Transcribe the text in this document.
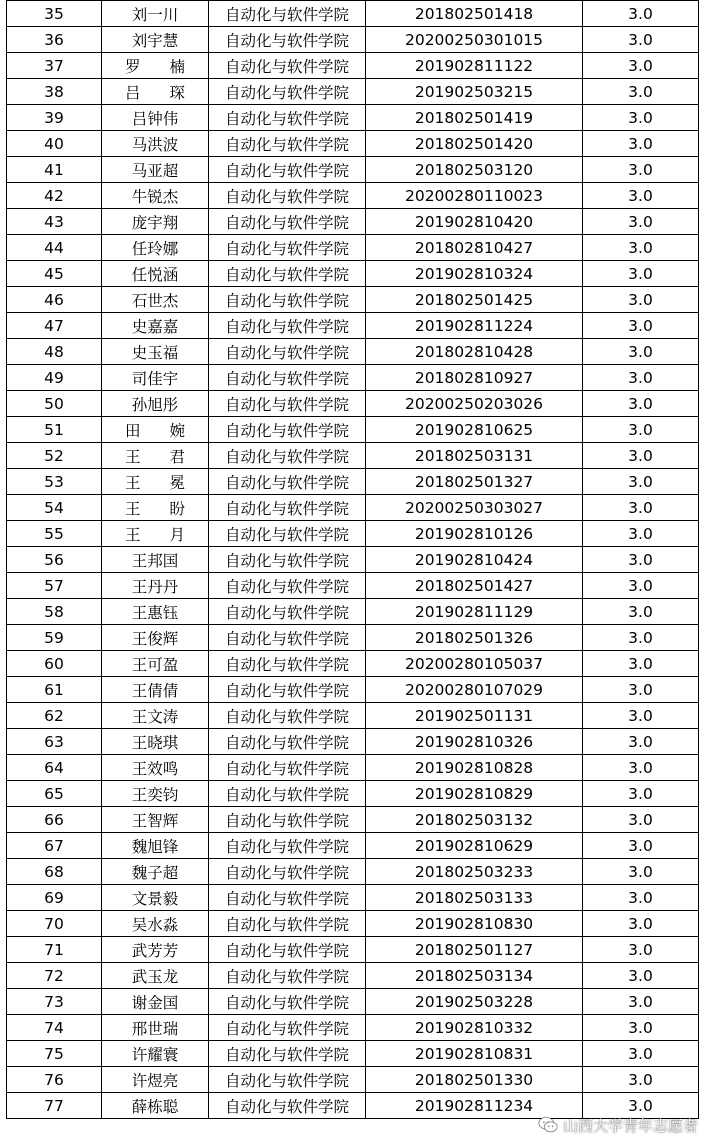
35	刘一川	自动化与软件学院	201802501418	3.0
36	刘宇慧	自动化与软件学院	20200250301015	3.0
37	罗 楠	自动化与软件学院	201902811122	3.0
38	吕 琛	自动化与软件学院	201902503215	3.0
39	吕钟伟	自动化与软件学院	201802501419	3.0
40	马洪波	自动化与软件学院	201802501420	3.0
41	马亚超	自动化与软件学院	201802503120	3.0
42	牛锐杰	自动化与软件学院	20200280110023	3.0
43	庞宇翔	自动化与软件学院	201902810420	3.0
44	任玲娜	自动化与软件学院	201802810427	3.0
45	任悦涵	自动化与软件学院	201902810324	3.0
46	石世杰	自动化与软件学院	201802501425	3.0
47	史嘉嘉	自动化与软件学院	201902811224	3.0
48	史玉福	自动化与软件学院	201802810428	3.0
49	司佳宇	自动化与软件学院	201802810927	3.0
50	孙旭彤	自动化与软件学院	20200250203026	3.0
51	田 婉	自动化与软件学院	201902810625	3.0
52	王 君	自动化与软件学院	201802503131	3.0
53	王 冕	自动化与软件学院	201802501327	3.0
54	王 盼	自动化与软件学院	20200250303027	3.0
55	王 月	自动化与软件学院	201902810126	3.0
56	王邦国	自动化与软件学院	201902810424	3.0
57	王丹丹	自动化与软件学院	201802501427	3.0
58	王惠钰	自动化与软件学院	201902811129	3.0
59	王俊辉	自动化与软件学院	201802501326	3.0
60	王可盈	自动化与软件学院	20200280105037	3.0
61	王倩倩	自动化与软件学院	20200280107029	3.0
62	王文涛	自动化与软件学院	201902501131	3.0
63	王晓琪	自动化与软件学院	201902810326	3.0
64	王效鸣	自动化与软件学院	201902810828	3.0
65	王奕钧	自动化与软件学院	201902810829	3.0
66	王智辉	自动化与软件学院	201802503132	3.0
67	魏旭锋	自动化与软件学院	201902810629	3.0
68	魏子超	自动化与软件学院	201802503233	3.0
69	文景毅	自动化与软件学院	201802503133	3.0
70	吴水淼	自动化与软件学院	201902810830	3.0
71	武芳芳	自动化与软件学院	201802501127	3.0
72	武玉龙	自动化与软件学院	201802503134	3.0
73	谢金国	自动化与软件学院	201902503228	3.0
74	邢世瑞	自动化与软件学院	201902810332	3.0
75	许耀寰	自动化与软件学院	201902810831	3.0
76	许煜亮	自动化与软件学院	201802501330	3.0
77	薛栋聪	自动化与软件学院	201902811234	3.0
山西大学青年志愿者
